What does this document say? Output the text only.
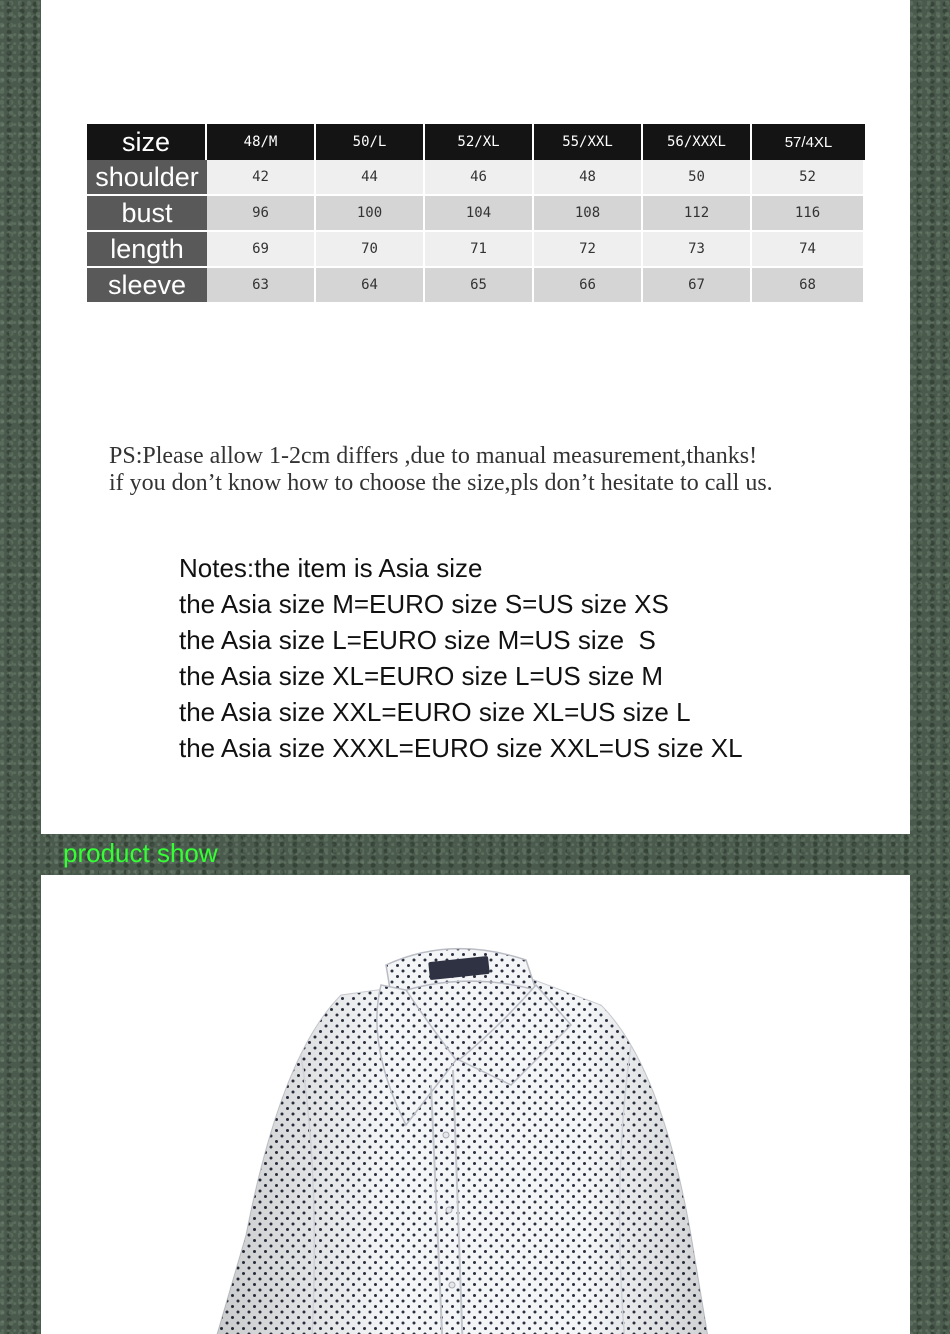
size	48/M	50/L	52/XL	55/XXL	56/XXXL	57/4XL
shoulder	42	44	46	48	50	52
bust	96	100	104	108	112	116
length	69	70	71	72	73	74
sleeve	63	64	65	66	67	68
PS:Please allow 1-2cm differs ,due to manual measurement,thanks!
if you don’t know how to choose the size,pls don’t hesitate to call us.
Notes:the item is Asia size
the Asia size M=EURO size S=US size XS
the Asia size L=EURO size M=US size  S
the Asia size XL=EURO size L=US size M
the Asia size XXL=EURO size XL=US size L
the Asia size XXXL=EURO size XXL=US size XL
product show
